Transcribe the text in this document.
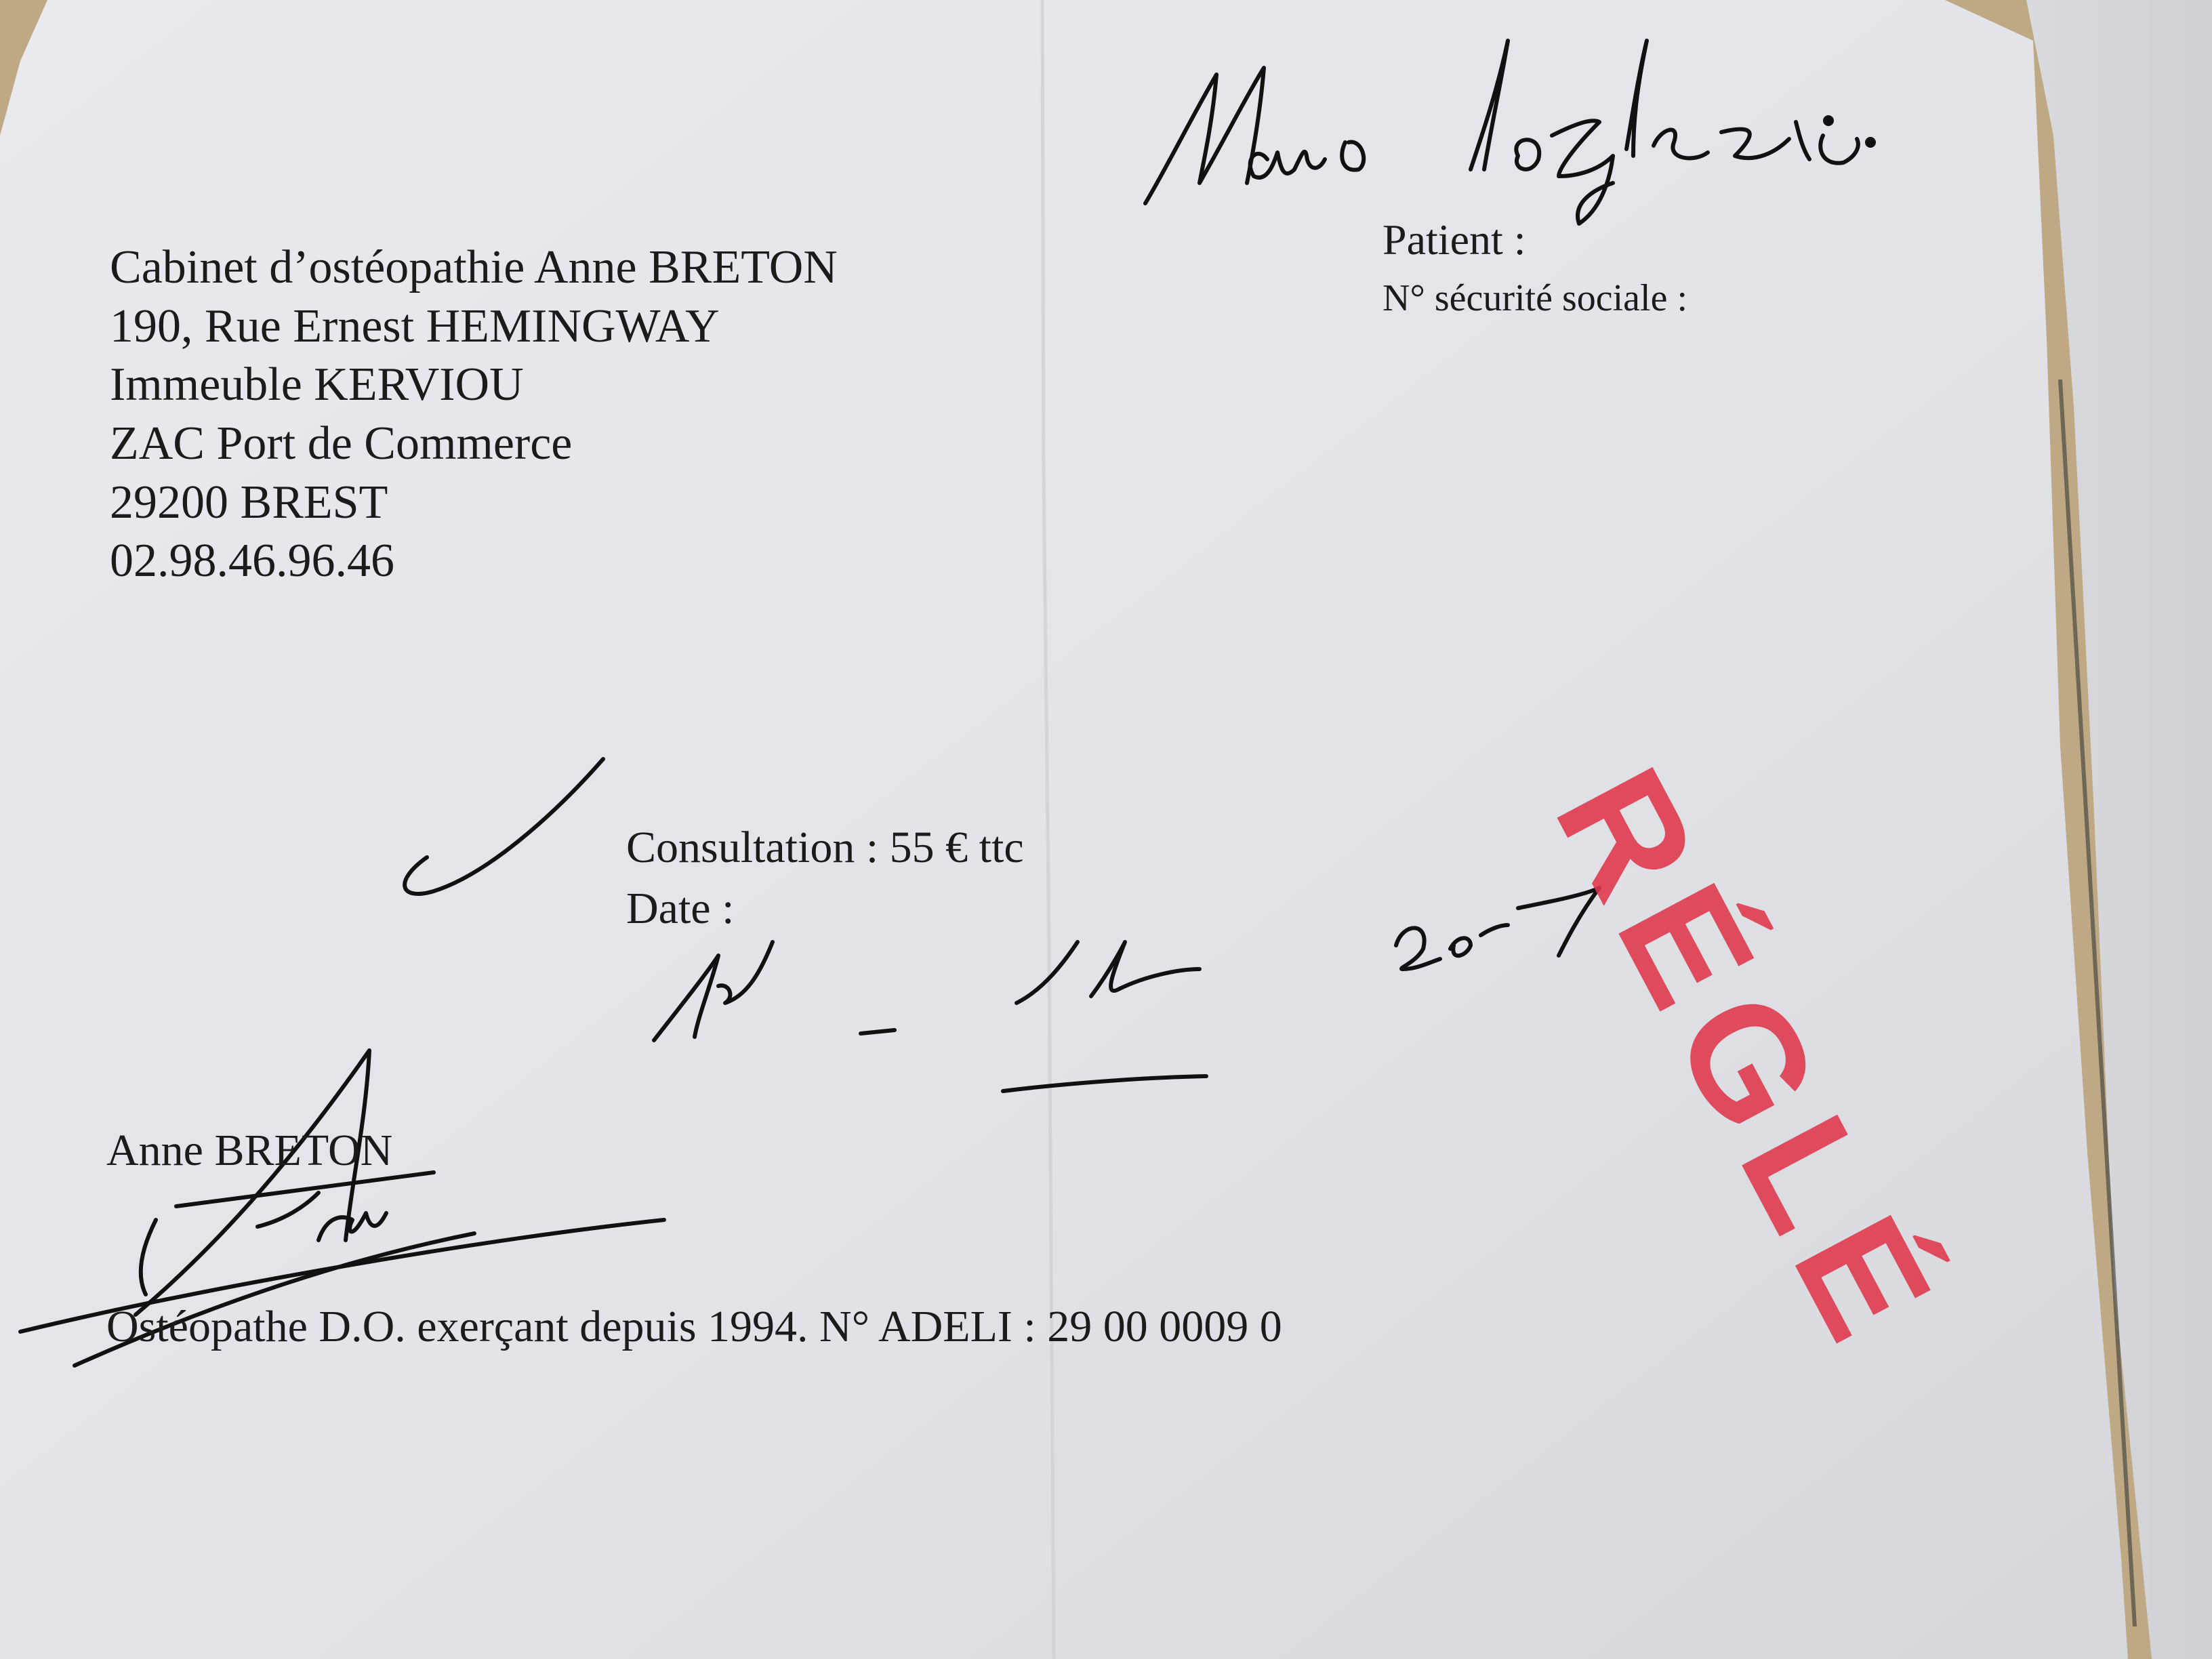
Cabinet d’ostéopathie Anne BRETON
190, Rue Ernest HEMINGWAY
Immeuble KERVIOU
ZAC Port de Commerce
29200 BREST
02.98.46.96.46
Patient :
N° sécurité sociale :
Consultation : 55 € ttc
Date :	RÉGLÉ
Anne BRETON
Ostéopathe D.O. exerçant depuis 1994. N° ADELI : 29 00 0009 0
